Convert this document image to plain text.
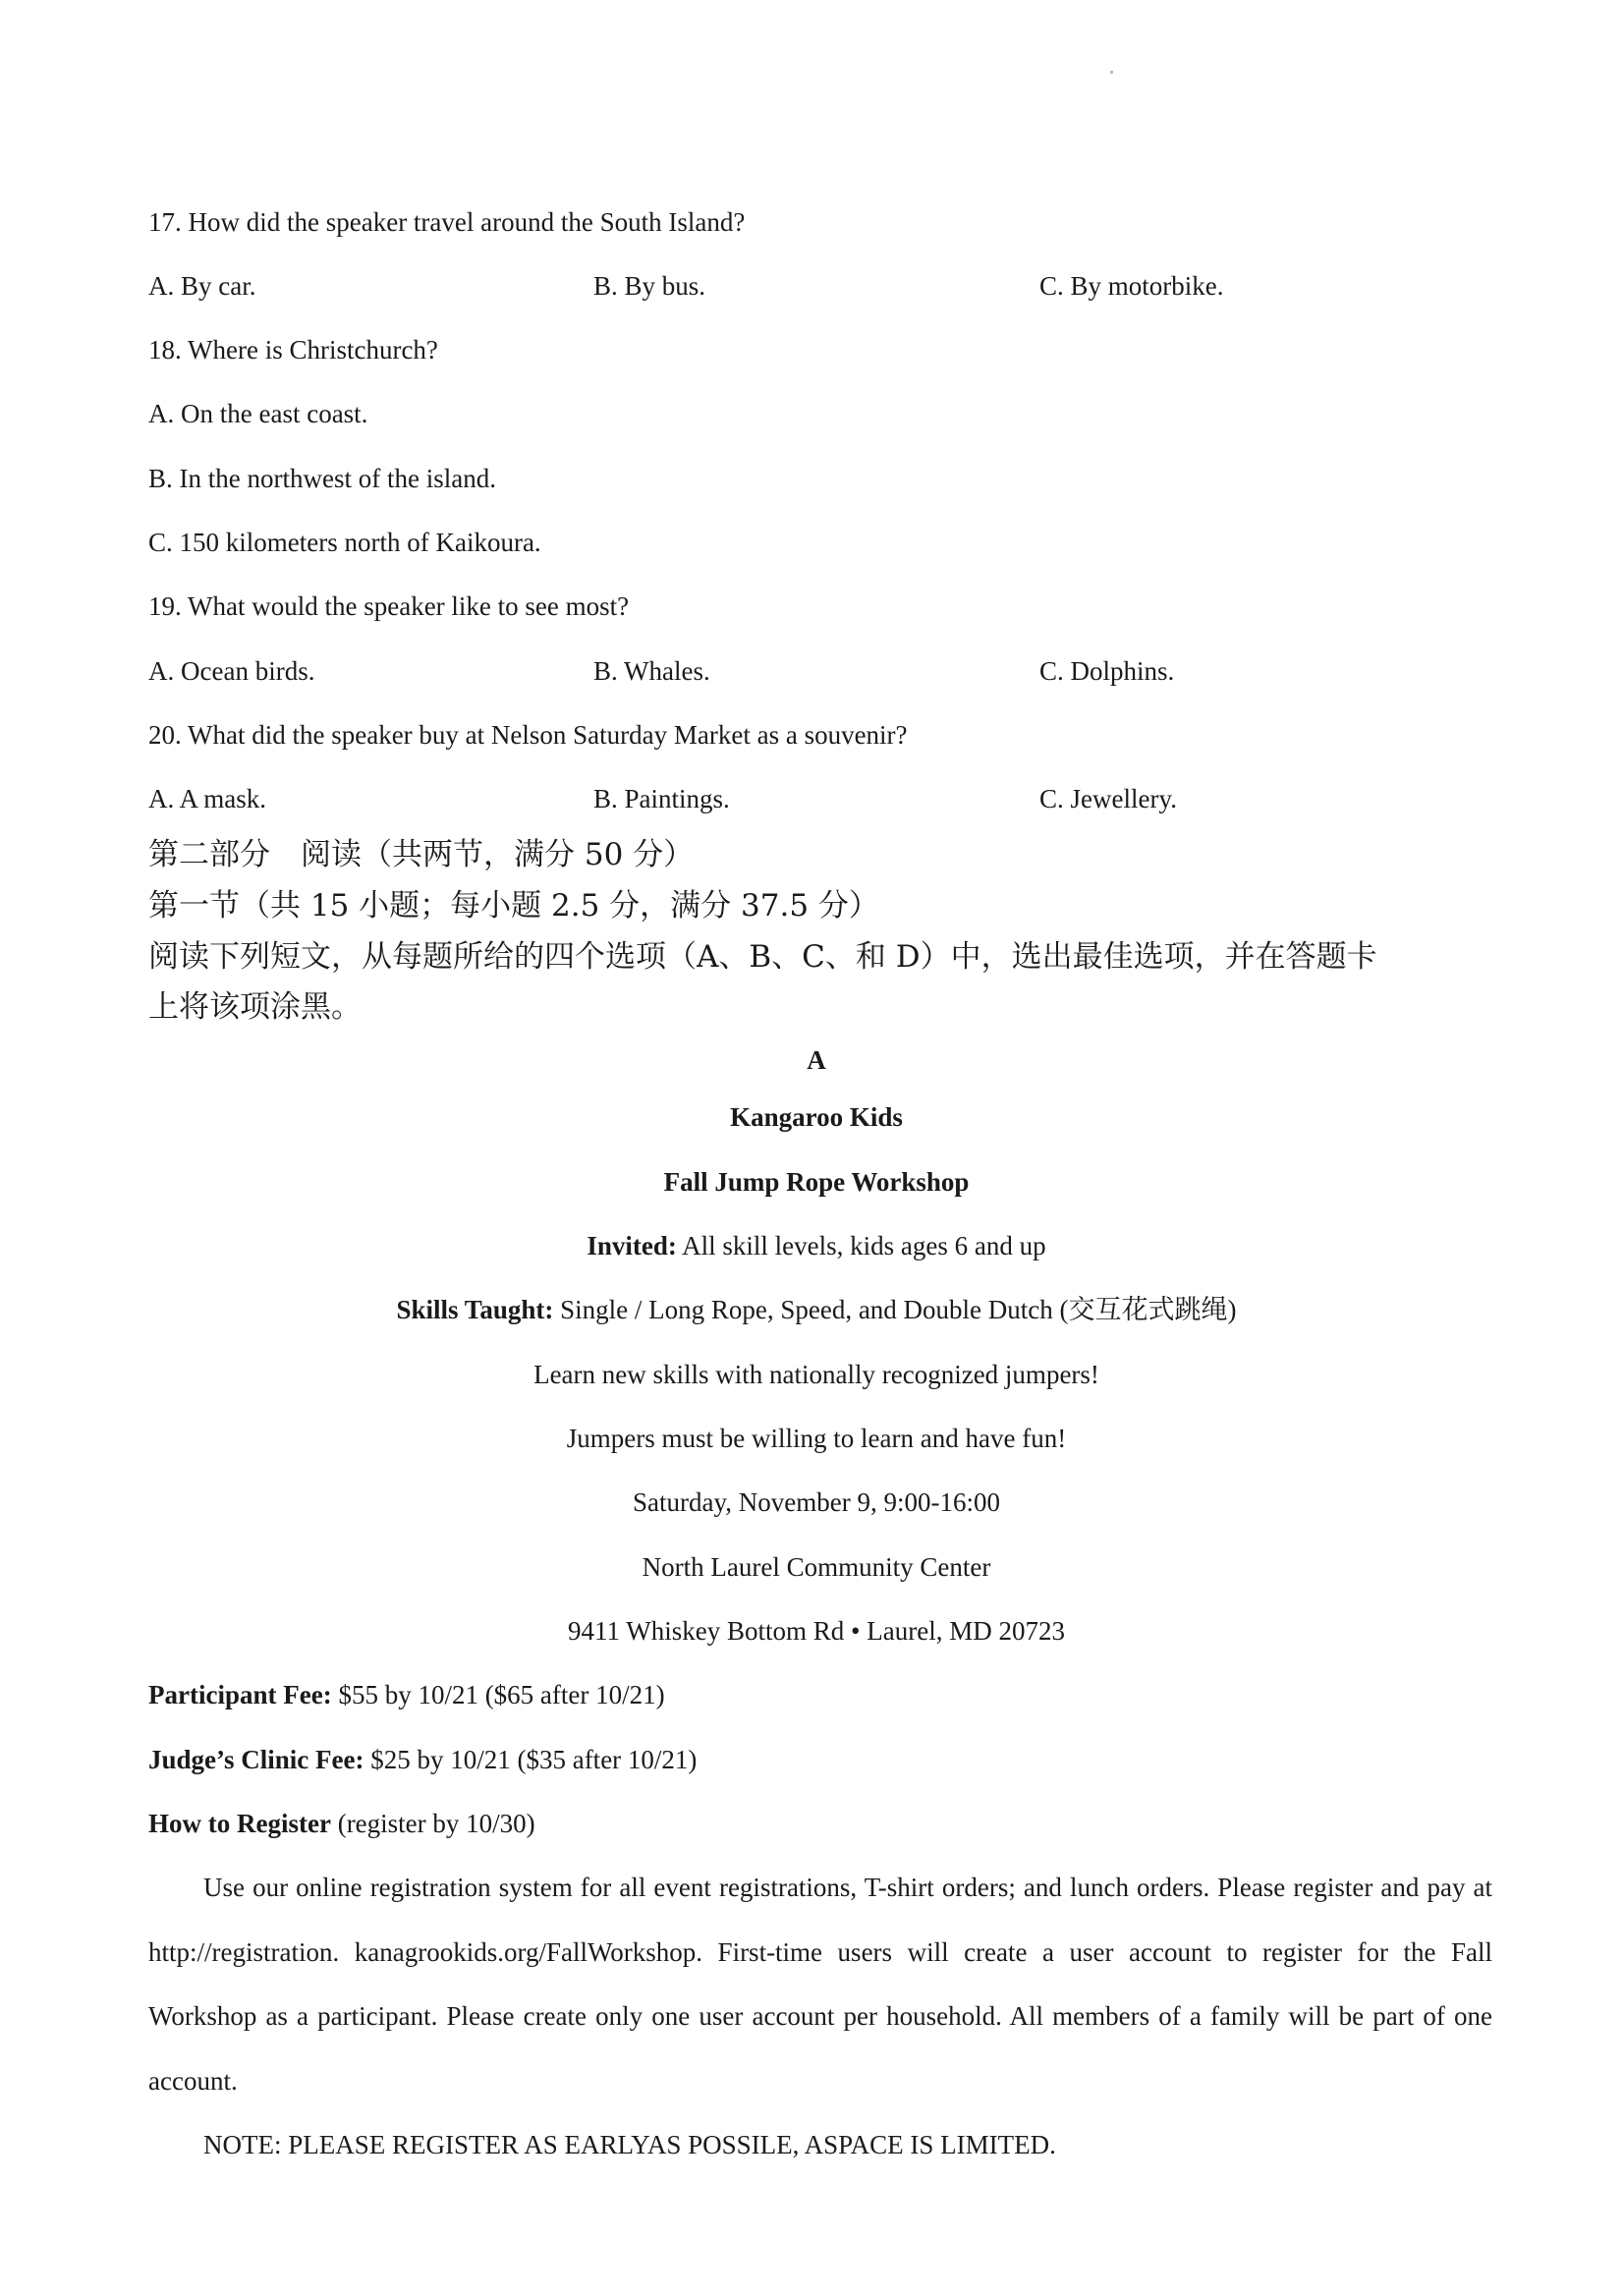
17. How did the speaker travel around the South Island?
A. By car.	B. By bus.	C. By motorbike.
18. Where is Christchurch?
A. On the east coast.
B. In the northwest of the island.
C. 150 kilometers north of Kaikoura.
19. What would the speaker like to see most?
A. Ocean birds.	B. Whales.	C. Dolphins.
20. What did the speaker buy at Nelson Saturday Market as a souvenir?
A. A mask.	B. Paintings.	C. Jewellery.
第二部分　阅读（共两节，满分 50 分）
第一节（共 15 小题；每小题 2.5 分，满分 37.5 分）
阅读下列短文，从每题所给的四个选项（A、B、C、和 D）中，选出最佳选项，并在答题卡
上将该项涂黑。
A
Kangaroo Kids
Fall Jump Rope Workshop
Invited: All skill levels, kids ages 6 and up
Skills Taught: Single / Long Rope, Speed, and Double Dutch (交互花式跳绳)
Learn new skills with nationally recognized jumpers!
Jumpers must be willing to learn and have fun!
Saturday, November 9, 9:00-16:00
North Laurel Community Center
9411 Whiskey Bottom Rd • Laurel, MD 20723
Participant Fee: $55 by 10/21 ($65 after 10/21)
Judge’s Clinic Fee: $25 by 10/21 ($35 after 10/21)
How to Register (register by 10/30)
Use our online registration system for all event registrations, T-shirt orders; and lunch orders. Please register and pay at http://registration. kanagrookids.org/FallWorkshop. First-time users will create a user account to register for the Fall Workshop as a participant. Please create only one user account per household. All members of a family will be part of one account.
NOTE: PLEASE REGISTER AS EARLYAS POSSILE, ASPACE IS LIMITED.
